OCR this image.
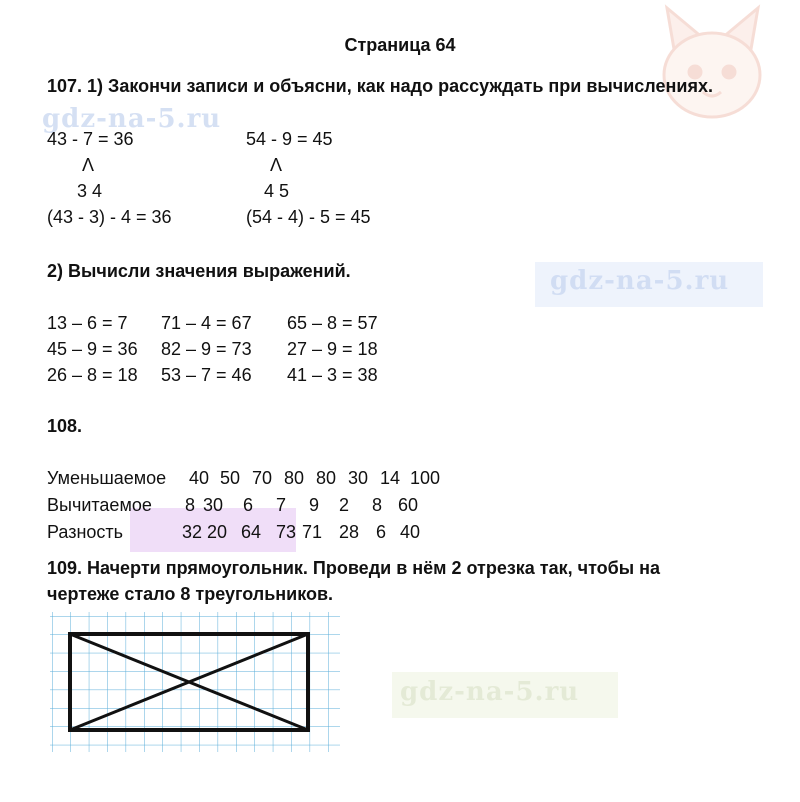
gdz-na-5.ru
gdz-na-5.ru
gdz-na-5.ru
Страница 64
107. 1) Закончи записи и объясни, как надо рассуждать при вычислениях.
43 - 7 = 36
Λ
3 4
(43 - 3) - 4 = 36
54 - 9 = 45
Λ
4 5
(54 - 4) - 5 = 45
2) Вычисли значения выражений.
13 – 6 = 7
45 – 9 = 36
26 – 8 = 18
71 – 4 = 67
82 – 9 = 73
53 – 7 = 46
65 – 8 = 57
27 – 9 = 18
41 – 3 = 38
108.

Уменьшаемое

40

50

70

80

80

30

14

100

Вычитаемое

8

30

6

7

9

2

8

60

Разность

	32

20

64

73

71

28

6

40

109. Начерти прямоугольник. Проведи в нём 2 отрезка так, чтобы на
чертеже стало 8 треугольников.
